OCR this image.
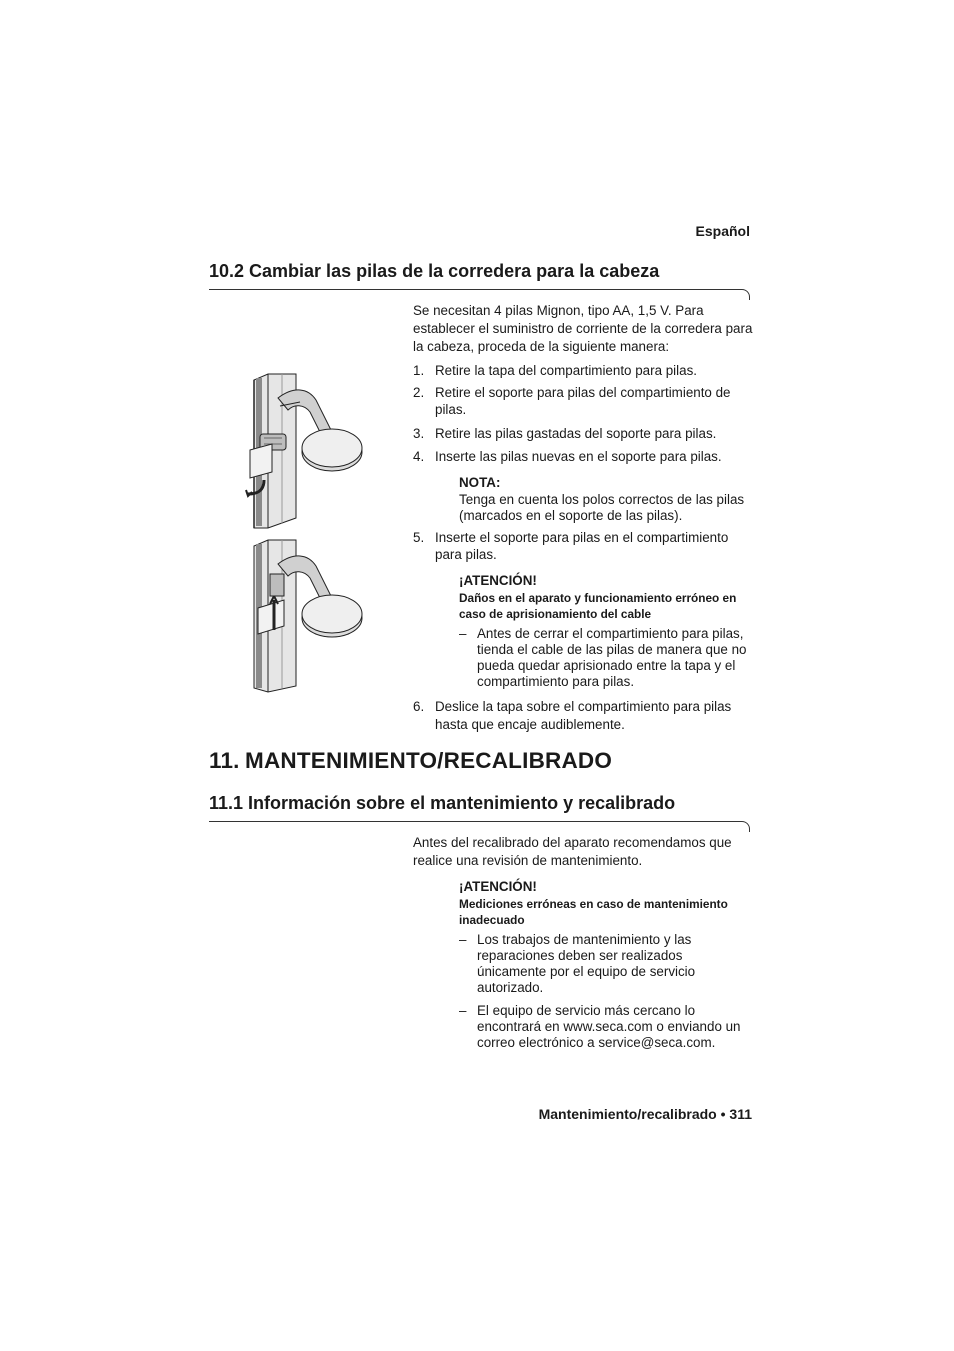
Español
10.2 Cambiar las pilas de la corredera para la cabeza
Se necesitan 4 pilas Mignon, tipo AA, 1,5 V. Para establecer el suministro de corriente de la corredera para la cabeza, proceda de la siguiente manera:
1. Retire la tapa del compartimiento para pilas.
2. Retire el soporte para pilas del compartimiento de pilas.
3. Retire las pilas gastadas del soporte para pilas.
4. Inserte las pilas nuevas en el soporte para pilas.
NOTA:
Tenga en cuenta los polos correctos de las pilas (marcados en el soporte de las pilas).
5. Inserte el soporte para pilas en el compartimiento para pilas.
¡ATENCIÓN!
Daños en el aparato y funcionamiento erróneo en caso de aprisionamiento del cable
– Antes de cerrar el compartimiento para pilas, tienda el cable de las pilas de manera que no pueda quedar aprisionado entre la tapa y el compartimiento para pilas.
6. Deslice la tapa sobre el compartimiento para pilas hasta que encaje audiblemente.
11. MANTENIMIENTO/RECALIBRADO
11.1 Información sobre el mantenimiento y recalibrado
Antes del recalibrado del aparato recomendamos que realice una revisión de mantenimiento.
¡ATENCIÓN!
Mediciones erróneas en caso de mantenimiento inadecuado
– Los trabajos de mantenimiento y las reparaciones deben ser realizados únicamente por el equipo de servicio autorizado.
– El equipo de servicio más cercano lo encontrará en www.seca.com o enviando un correo electrónico a service@seca.com.
Mantenimiento/recalibrado • 311
